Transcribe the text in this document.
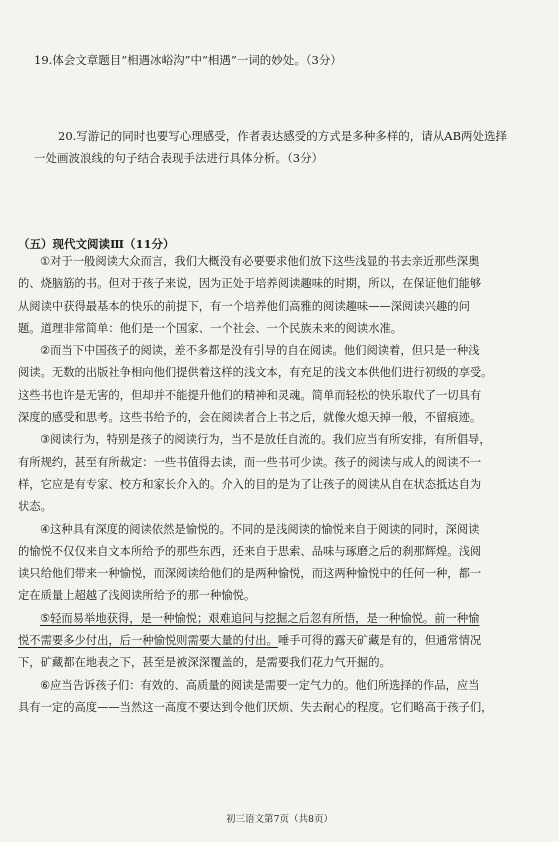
19.体会文章题目“相遇冰峪沟”中“相遇”一词的妙处。（3分）
20.写游记的同时也要写心理感受，作者表达感受的方式是多种多样的，请从AB两处选择
一处画波浪线的句子结合表现手法进行具体分析。（3分）
（五）现代文阅读Ⅲ（11分）
①对于一般阅读大众而言，我们大概没有必要要求他们放下这些浅显的书去亲近那些深奥
的、烧脑筋的书。但对于孩子来说，因为正处于培养阅读趣味的时期，所以，在保证他们能够
从阅读中获得最基本的快乐的前提下，有一个培养他们高雅的阅读趣味——深阅读兴趣的问
题。道理非常简单：他们是一个国家、一个社会、一个民族未来的阅读水准。
②而当下中国孩子的阅读，差不多都是没有引导的自在阅读。他们阅读着，但只是一种浅
阅读。无数的出版社争相向他们提供着这样的浅文本，有充足的浅文本供他们进行初级的享受。
这些书也许是无害的，但却并不能提升他们的精神和灵魂。简单而轻松的快乐取代了一切具有
深度的感受和思考。这些书给予的，会在阅读者合上书之后，就像火熄天掉一般，不留痕迹。
③阅读行为，特别是孩子的阅读行为，当不是放任自流的。我们应当有所安排，有所倡导，
有所规约，甚至有所裁定：一些书值得去读，而一些书可少读。孩子的阅读与成人的阅读不一
样，它应是有专家、校方和家长介入的。介入的目的是为了让孩子的阅读从自在状态抵达自为
状态。
④这种具有深度的阅读依然是愉悦的。不同的是浅阅读的愉悦来自于阅读的同时，深阅读
的愉悦不仅仅来自文本所给予的那些东西，还来自于思索、品味与琢磨之后的刹那辉煌。浅阅
读只给他们带来一种愉悦，而深阅读给他们的是两种愉悦，而这两种愉悦中的任何一种，都一
定在质量上超越了浅阅读所给予的那一种愉悦。
⑤轻而易举地获得，是一种愉悦；艰难追问与挖掘之后忽有所悟，是一种愉悦。前一种愉
悦不需要多少付出，后一种愉悦则需要大量的付出。唾手可得的露天矿藏是有的，但通常情况
下，矿藏都在地表之下，甚至是被深深覆盖的，是需要我们花力气开掘的。
⑥应当告诉孩子们：有效的、高质量的阅读是需要一定气力的。他们所选择的作品，应当
具有一定的高度——当然这一高度不要达到令他们厌烦、失去耐心的程度。它们略高于孩子们，
初三语文第7页（共8页）
